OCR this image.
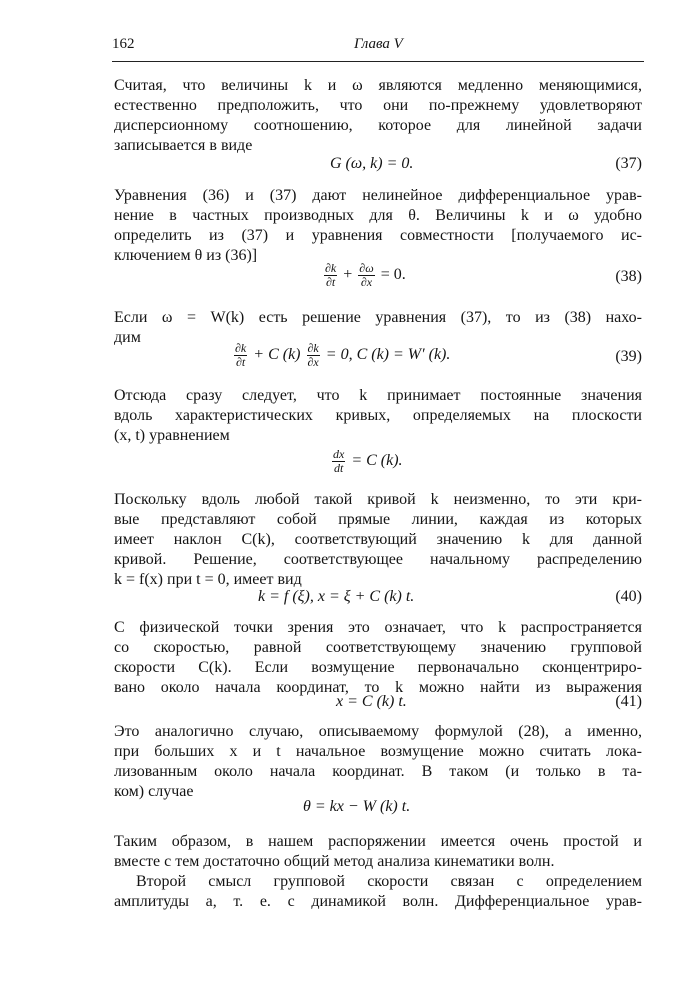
162	Глава V
Считая, что величины k и ω являются медленно меняющимися,
естественно предположить, что они по-прежнему удовлетворяют
дисперсионному соотношению, которое для линейной задачи
записывается в виде
G (ω, k) = 0.	(37)
Уравнения (36) и (37) дают нелинейное дифференциальное урав-
нение в частных производных для θ. Величины k и ω удобно
определить из (37) и уравнения совместности [получаемого ис-
ключением θ из (36)]
$\frac{\partial k}{\partial t} + \frac{\partial\omega}{\partial x} = 0$.	(38)
Если ω = W(k) есть решение уравнения (37), то из (38) нахо-
дим
$\frac{\partial k}{\partial t} + C$ $(k) \frac{\partial k}{\partial x} = 0$, C (k) = W′ (k).	(39)
Отсюда сразу следует, что k принимает постоянные значения
вдоль характеристических кривых, определяемых на плоскости
(x, t) уравнением
$\frac{dx}{dt} = C$ (k).
Поскольку вдоль любой такой кривой k неизменно, то эти кри-
вые представляют собой прямые линии, каждая из которых
имеет наклон C(k), соответствующий значению k для данной
кривой. Решение, соответствующее начальному распределению
k = f(x) при t = 0, имеет вид
k = f (ξ), x = ξ + C (k) t.	(40)
С физической точки зрения это означает, что k распространяется
со скоростью, равной соответствующему значению групповой
скорости C(k). Если возмущение первоначально сконцентриро-
вано около начала координат, то k можно найти из выражения
x = C (k) t.	(41)
Это аналогично случаю, описываемому формулой (28), а именно,
при больших x и t начальное возмущение можно считать лока-
лизованным около начала координат. В таком (и только в та-
ком) случае
θ = kx − W (k) t.
Таким образом, в нашем распоряжении имеется очень простой и
вместе с тем достаточно общий метод анализа кинематики волн.
Второй смысл групповой скорости связан с определением
амплитуды a, т. е. с динамикой волн. Дифференциальное урав-
